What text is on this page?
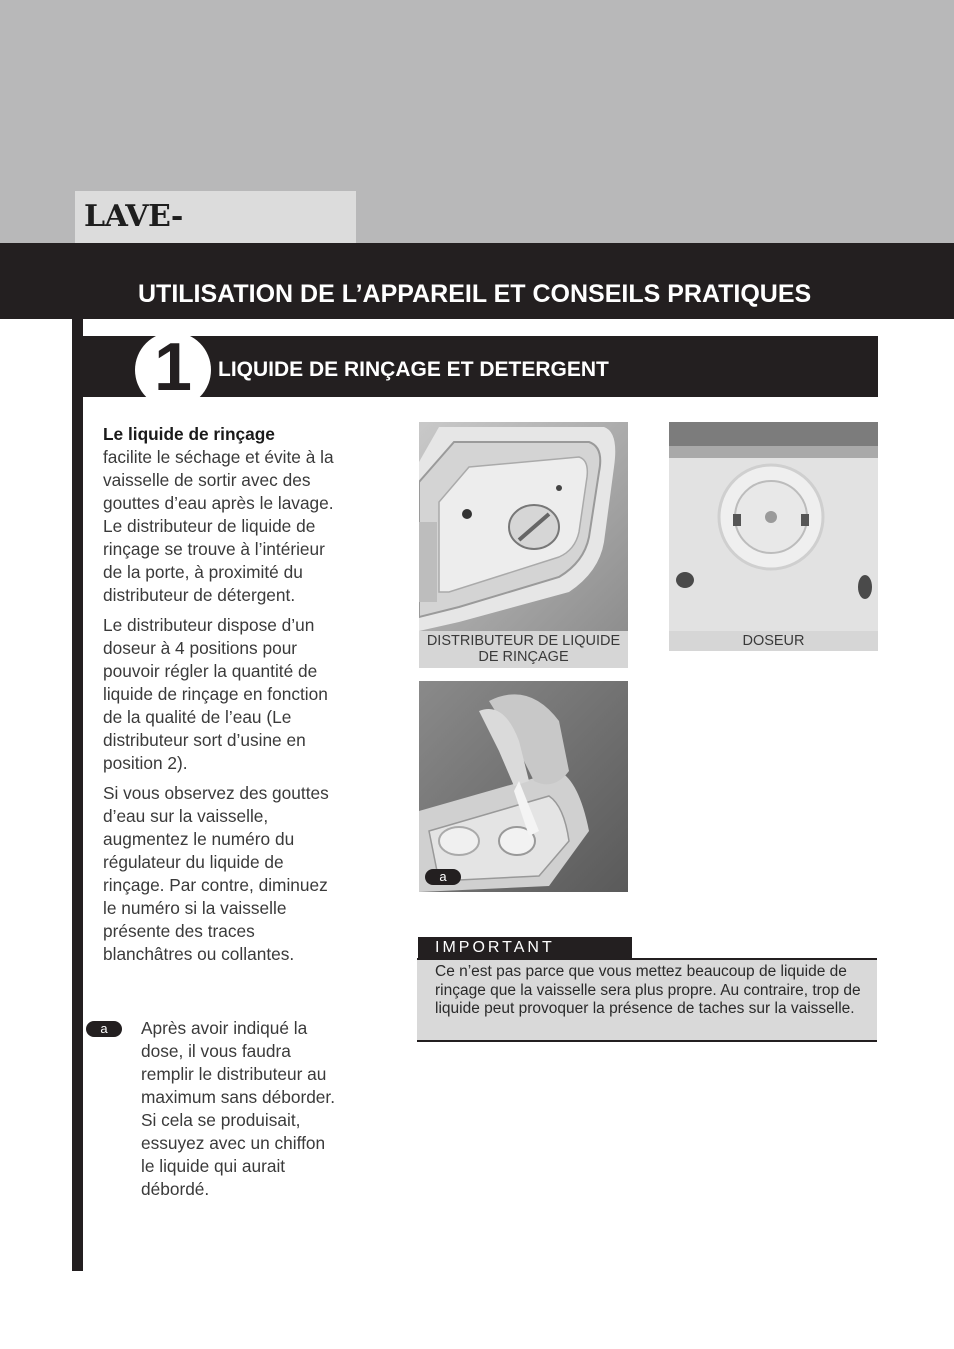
LAVE-
UTILISATION DE L’APPAREIL ET CONSEILS PRATIQUES
1	LIQUIDE DE RINÇAGE ET DETERGENT

Le liquide de rinçage
facilite le séchage et évite à la vaisselle de sortir avec des gouttes d’eau après le lavage. Le distributeur de liquide de rinçage se trouve à l’intérieur de la porte, à proximité du distributeur de détergent.

Le distributeur dispose d’un doseur à 4 positions pour pouvoir régler la quantité de liquide de rinçage en fonction de la qualité de l’eau (Le distributeur sort d’usine en position 2).

Si vous observez des gouttes d’eau sur la vaisselle, augmentez le numéro du régulateur du liquide de rinçage. Par contre, diminuez le numéro si la vaisselle présente des traces blanchâtres ou collantes.

a	Après avoir indiqué la dose, il vous faudra remplir le distributeur au maximum sans déborder. Si cela se produisait, essuyez avec un chiffon le liquide qui aurait débordé.
DISTRIBUTEUR DE LIQUIDE DE RINÇAGE
DOSEUR
a
IMPORTANT
Ce n’est pas parce que vous mettez beaucoup de liquide de rinçage que la vaisselle sera plus propre. Au contraire, trop de liquide peut provoquer la présence de taches sur la vaisselle.
